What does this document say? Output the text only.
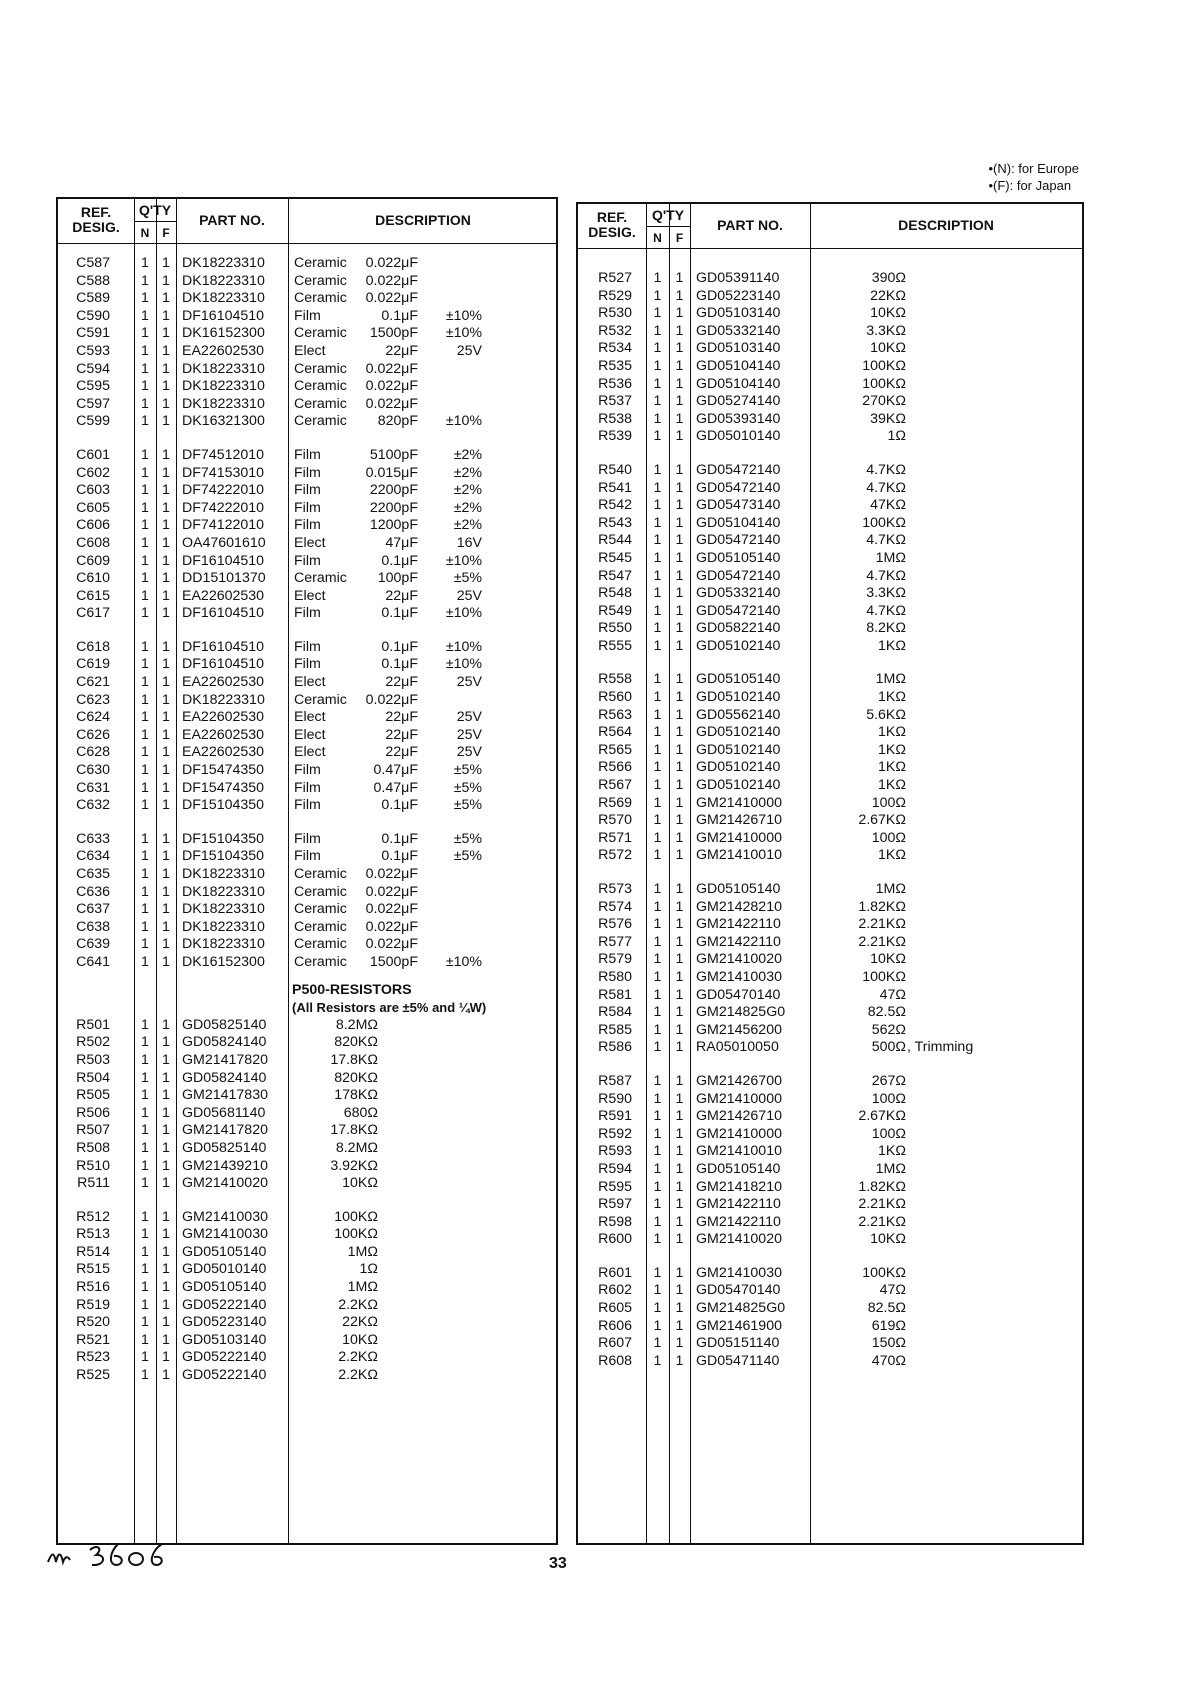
•(N): for Europe
•(F): for Japan
REF.
DESIG.
Q'TY
N	F
PART NO.	DESCRIPTION
C587	1 1 DK18223310 Ceramic	0.022μF
C588	1 1 DK18223310 Ceramic	0.022μF
C589	1 1 DK18223310 Ceramic	0.022μF
C590	1 1 DF16104510 Film	0.1μF	±10%
C591	1 1 DK16152300 Ceramic	1500pF	±10%
C593	1 1 EA22602530 Elect	22μF	25V
C594	1 1 DK18223310 Ceramic	0.022μF
C595	1 1 DK18223310 Ceramic	0.022μF
C597	1 1 DK18223310 Ceramic	0.022μF
C599	1 1 DK16321300 Ceramic	820pF	±10%
C601	1 1 DF74512010 Film	5100pF	±2%
C602	1 1 DF74153010 Film	0.015μF	±2%
C603	1 1 DF74222010 Film	2200pF	±2%
C605	1 1 DF74222010 Film	2200pF	±2%
C606	1 1 DF74122010 Film	1200pF	±2%
C608	1 1 OA47601610 Elect	47μF	16V
C609	1 1 DF16104510 Film	0.1μF	±10%
C610	1 1 DD15101370 Ceramic	100pF	±5%
C615	1 1 EA22602530 Elect	22μF	25V
C617	1 1 DF16104510 Film	0.1μF	±10%
C618	1 1 DF16104510 Film	0.1μF	±10%
C619	1 1 DF16104510 Film	0.1μF	±10%
C621	1 1 EA22602530 Elect	22μF	25V
C623	1 1 DK18223310 Ceramic	0.022μF
C624	1 1 EA22602530 Elect	22μF	25V
C626	1 1 EA22602530 Elect	22μF	25V
C628	1 1 EA22602530 Elect	22μF	25V
C630	1 1 DF15474350 Film	0.47μF	±5%
C631	1 1 DF15474350 Film	0.47μF	±5%
C632	1 1 DF15104350 Film	0.1μF	±5%
C633	1 1 DF15104350 Film	0.1μF	±5%
C634	1 1 DF15104350 Film	0.1μF	±5%
C635	1 1 DK18223310 Ceramic	0.022μF
C636	1 1 DK18223310 Ceramic	0.022μF
C637	1 1 DK18223310 Ceramic	0.022μF
C638	1 1 DK18223310 Ceramic	0.022μF
C639	1 1 DK18223310 Ceramic	0.022μF
C641	1 1 DK16152300 Ceramic	1500pF	±10%
P500-RESISTORS
(All Resistors are ±5% and ¼W)
R501	1 1 GD05825140	8.2MΩ
R502	1 1 GD05824140	820KΩ
R503	1 1 GM21417820	17.8KΩ
R504	1 1 GD05824140	820KΩ
R505	1 1 GM21417830	178KΩ
R506	1 1 GD05681140	680Ω
R507	1 1 GM21417820	17.8KΩ
R508	1 1 GD05825140	8.2MΩ
R510	1 1 GM21439210	3.92KΩ
R511	1 1 GM21410020	10KΩ
R512	1 1 GM21410030	100KΩ
R513	1 1 GM21410030	100KΩ
R514	1 1 GD05105140	1MΩ
R515	1 1 GD05010140	1Ω
R516	1 1 GD05105140	1MΩ
R519	1 1 GD05222140	2.2KΩ
R520	1 1 GD05223140	22KΩ
R521	1 1 GD05103140	10KΩ
R523	1 1 GD05222140	2.2KΩ
R525	1 1 GD05222140	2.2KΩ
REF.
DESIG.
Q'TY
N	F
PART NO.	DESCRIPTION
R527	1 1 GD05391140	390Ω
R529	1 1 GD05223140	22KΩ
R530	1 1 GD05103140	10KΩ
R532	1 1 GD05332140	3.3KΩ
R534	1 1 GD05103140	10KΩ
R535	1 1 GD05104140	100KΩ
R536	1 1 GD05104140	100KΩ
R537	1 1 GD05274140	270KΩ
R538	1 1 GD05393140	39KΩ
R539	1 1 GD05010140	1Ω
R540	1 1 GD05472140	4.7KΩ
R541	1 1 GD05472140	4.7KΩ
R542	1 1 GD05473140	47KΩ
R543	1 1 GD05104140	100KΩ
R544	1 1 GD05472140	4.7KΩ
R545	1 1 GD05105140	1MΩ
R547	1 1 GD05472140	4.7KΩ
R548	1 1 GD05332140	3.3KΩ
R549	1 1 GD05472140	4.7KΩ
R550	1 1 GD05822140	8.2KΩ
R555	1 1 GD05102140	1KΩ
R558	1 1 GD05105140	1MΩ
R560	1 1 GD05102140	1KΩ
R563	1 1 GD05562140	5.6KΩ
R564	1 1 GD05102140	1KΩ
R565	1 1 GD05102140	1KΩ
R566	1 1 GD05102140	1KΩ
R567	1 1 GD05102140	1KΩ
R569	1 1 GM21410000	100Ω
R570	1 1 GM21426710	2.67KΩ
R571	1 1 GM21410000	100Ω
R572	1 1 GM21410010	1KΩ
R573	1 1 GD05105140	1MΩ
R574	1 1 GM21428210	1.82KΩ
R576	1 1 GM21422110	2.21KΩ
R577	1 1 GM21422110	2.21KΩ
R579	1 1 GM21410020	10KΩ
R580	1 1 GM21410030	100KΩ
R581	1 1 GD05470140	47Ω
R584	1 1 GM214825G0	82.5Ω
R585	1 1 GM21456200	562Ω
R586	1 1 RA05010050	500Ω , Trimming
R587	1 1 GM21426700	267Ω
R590	1 1 GM21410000	100Ω
R591	1 1 GM21426710	2.67KΩ
R592	1 1 GM21410000	100Ω
R593	1 1 GM21410010	1KΩ
R594	1 1 GD05105140	1MΩ
R595	1 1 GM21418210	1.82KΩ
R597	1 1 GM21422110	2.21KΩ
R598	1 1 GM21422110	2.21KΩ
R600	1 1 GM21410020	10KΩ
R601	1 1 GM21410030	100KΩ
R602	1 1 GD05470140	47Ω
R605	1 1 GM214825G0	82.5Ω
R606	1 1 GM21461900	619Ω
R607	1 1 GD05151140	150Ω
R608	1 1 GD05471140	470Ω
33
